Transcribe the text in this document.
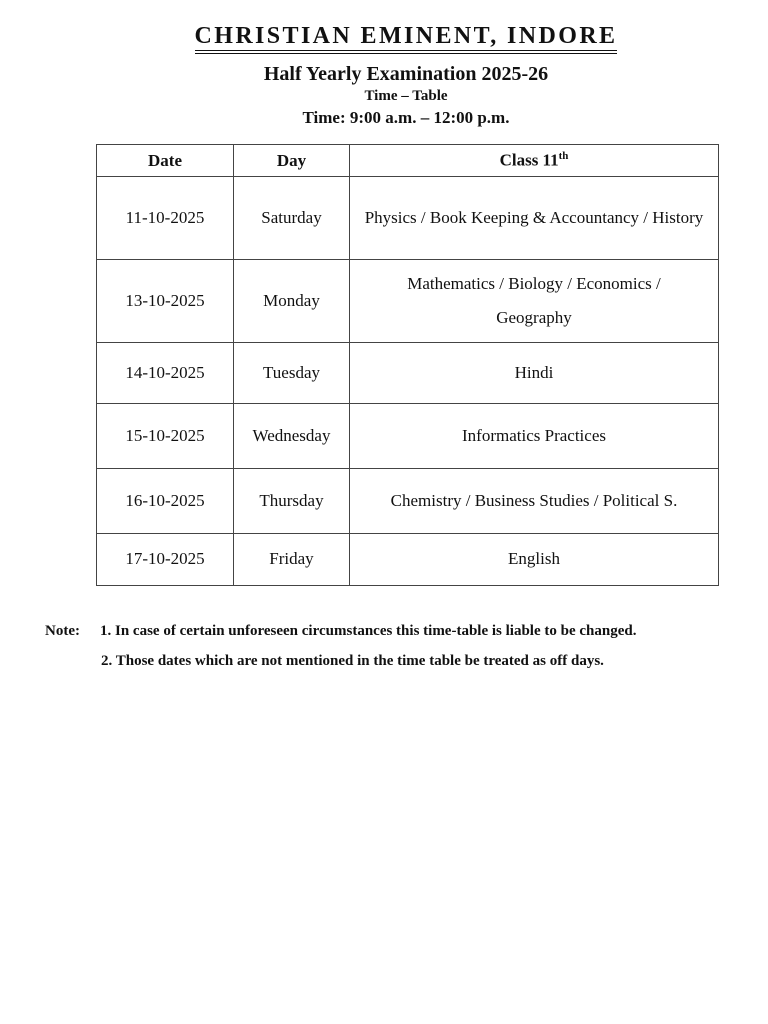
CHRISTIAN EMINENT, INDORE
Half Yearly Examination 2025-26
Time – Table
Time: 9:00 a.m. – 12:00 p.m.
Date	Day	Class 11th
11-10-2025	Saturday	Physics / Book Keeping & Accountancy / History
13-10-2025	Monday	Mathematics / Biology / Economics / Geography
14-10-2025	Tuesday	Hindi
15-10-2025	Wednesday	Informatics Practices
16-10-2025	Thursday	Chemistry / Business Studies / Political S.
17-10-2025	Friday	English
Note: 1. In case of certain unforeseen circumstances this time-table is liable to be changed.
2. Those dates which are not mentioned in the time table be treated as off days.
